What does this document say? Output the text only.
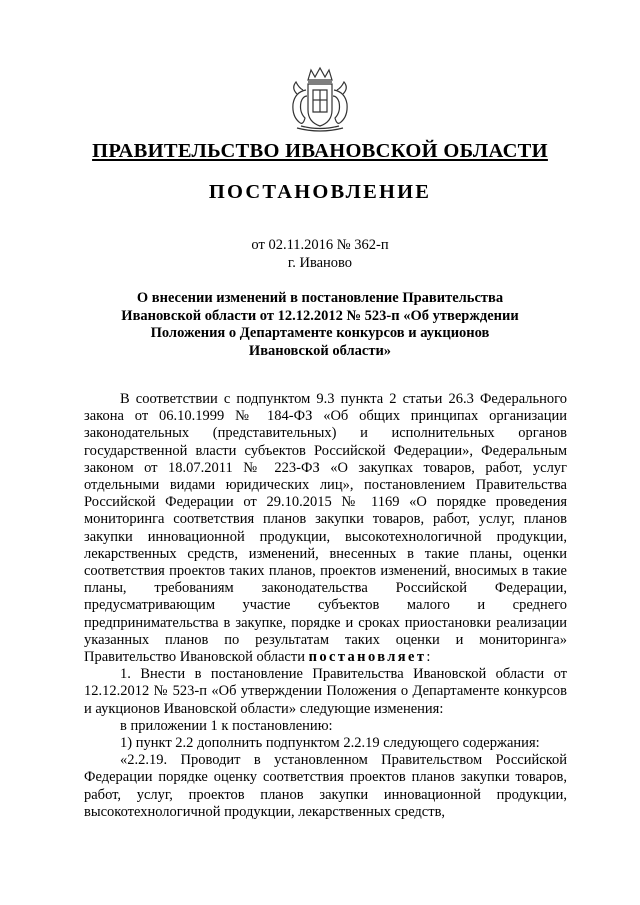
ПРАВИТЕЛЬСТВО ИВАНОВСКОЙ ОБЛАСТИ
ПОСТАНОВЛЕНИЕ
от 02.11.2016 № 362-п
г. Иваново
О внесении изменений в постановление Правительства
Ивановской области от 12.12.2012 № 523-п «Об утверждении
Положения о Департаменте конкурсов и аукционов
Ивановской области»

В соответствии с подпунктом 9.3 пункта 2 статьи 26.3 Федерального закона от 06.10.1999 № 184-ФЗ «Об общих принципах организации законодательных (представительных) и исполнительных органов государственной власти субъектов Российской Федерации», Федеральным законом от 18.07.2011 № 223-ФЗ «О закупках товаров, работ, услуг отдельными видами юридических лиц», постановлением Правительства Российской Федерации от 29.10.2015 № 1169 «О порядке проведения мониторинга соответствия планов закупки товаров, работ, услуг, планов закупки инновационной продукции, высокотехнологичной продукции, лекарственных средств, изменений, внесенных в такие планы, оценки соответствия проектов таких планов, проектов изменений, вносимых в такие планы, требованиям законодательства Российской Федерации, предусматривающим участие субъектов малого и среднего предпринимательства в закупке, порядке и сроках приостановки реализации указанных планов по результатам таких оценки и мониторинга» Правительство Ивановской области постановляет:

1. Внести в постановление Правительства Ивановской области от 12.12.2012 № 523-п «Об утверждении Положения о Департаменте конкурсов и аукционов Ивановской области» следующие изменения:

в приложении 1 к постановлению:

1) пункт 2.2 дополнить подпунктом 2.2.19 следующего содержания:

«2.2.19. Проводит в установленном Правительством Российской Федерации порядке оценку соответствия проектов планов закупки товаров, работ, услуг, проектов планов закупки инновационной продукции, высокотехнологичной продукции, лекарственных средств,
